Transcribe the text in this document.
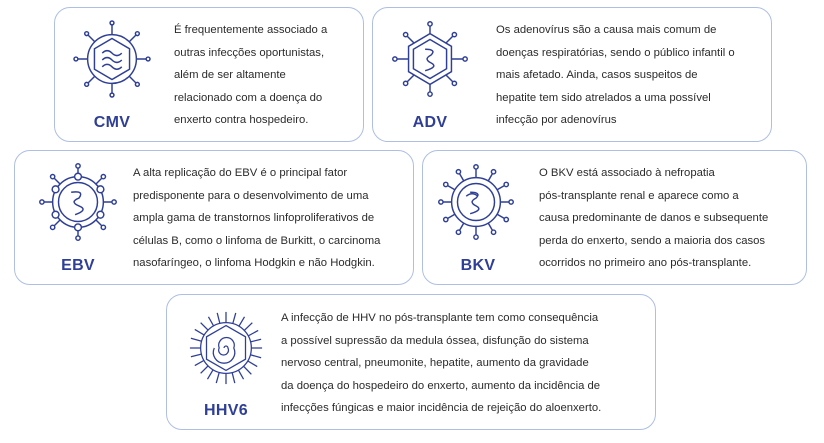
CMV
É frequentemente associado a
outras infecções oportunistas,
além de ser altamente
relacionado com a doença do
enxerto contra hospedeiro.	ADV
Os adenovírus são a causa mais comum de
doenças respiratórias, sendo o público infantil o
mais afetado. Ainda, casos suspeitos de
hepatite tem sido atrelados a uma possível
infecção por adenovírus
EBV
A alta replicação do EBV é o principal fator
predisponente para o desenvolvimento de uma
ampla gama de transtornos linfoproliferativos de
células B, como o linfoma de Burkitt, o carcinoma
nasofaríngeo, o linfoma Hodgkin e não Hodgkin.	BKV
O BKV está associado à nefropatia
pós-transplante renal e aparece como a
causa predominante de danos e subsequente
perda do enxerto, sendo a maioria dos casos
ocorridos no primeiro ano pós-transplante.
HHV6
A infecção de HHV no pós-transplante tem como consequência
a possível supressão da medula óssea, disfunção do sistema
nervoso central, pneumonite, hepatite, aumento da gravidade
da doença do hospedeiro do enxerto, aumento da incidência de
infecções fúngicas e maior incidência de rejeição do aloenxerto.
